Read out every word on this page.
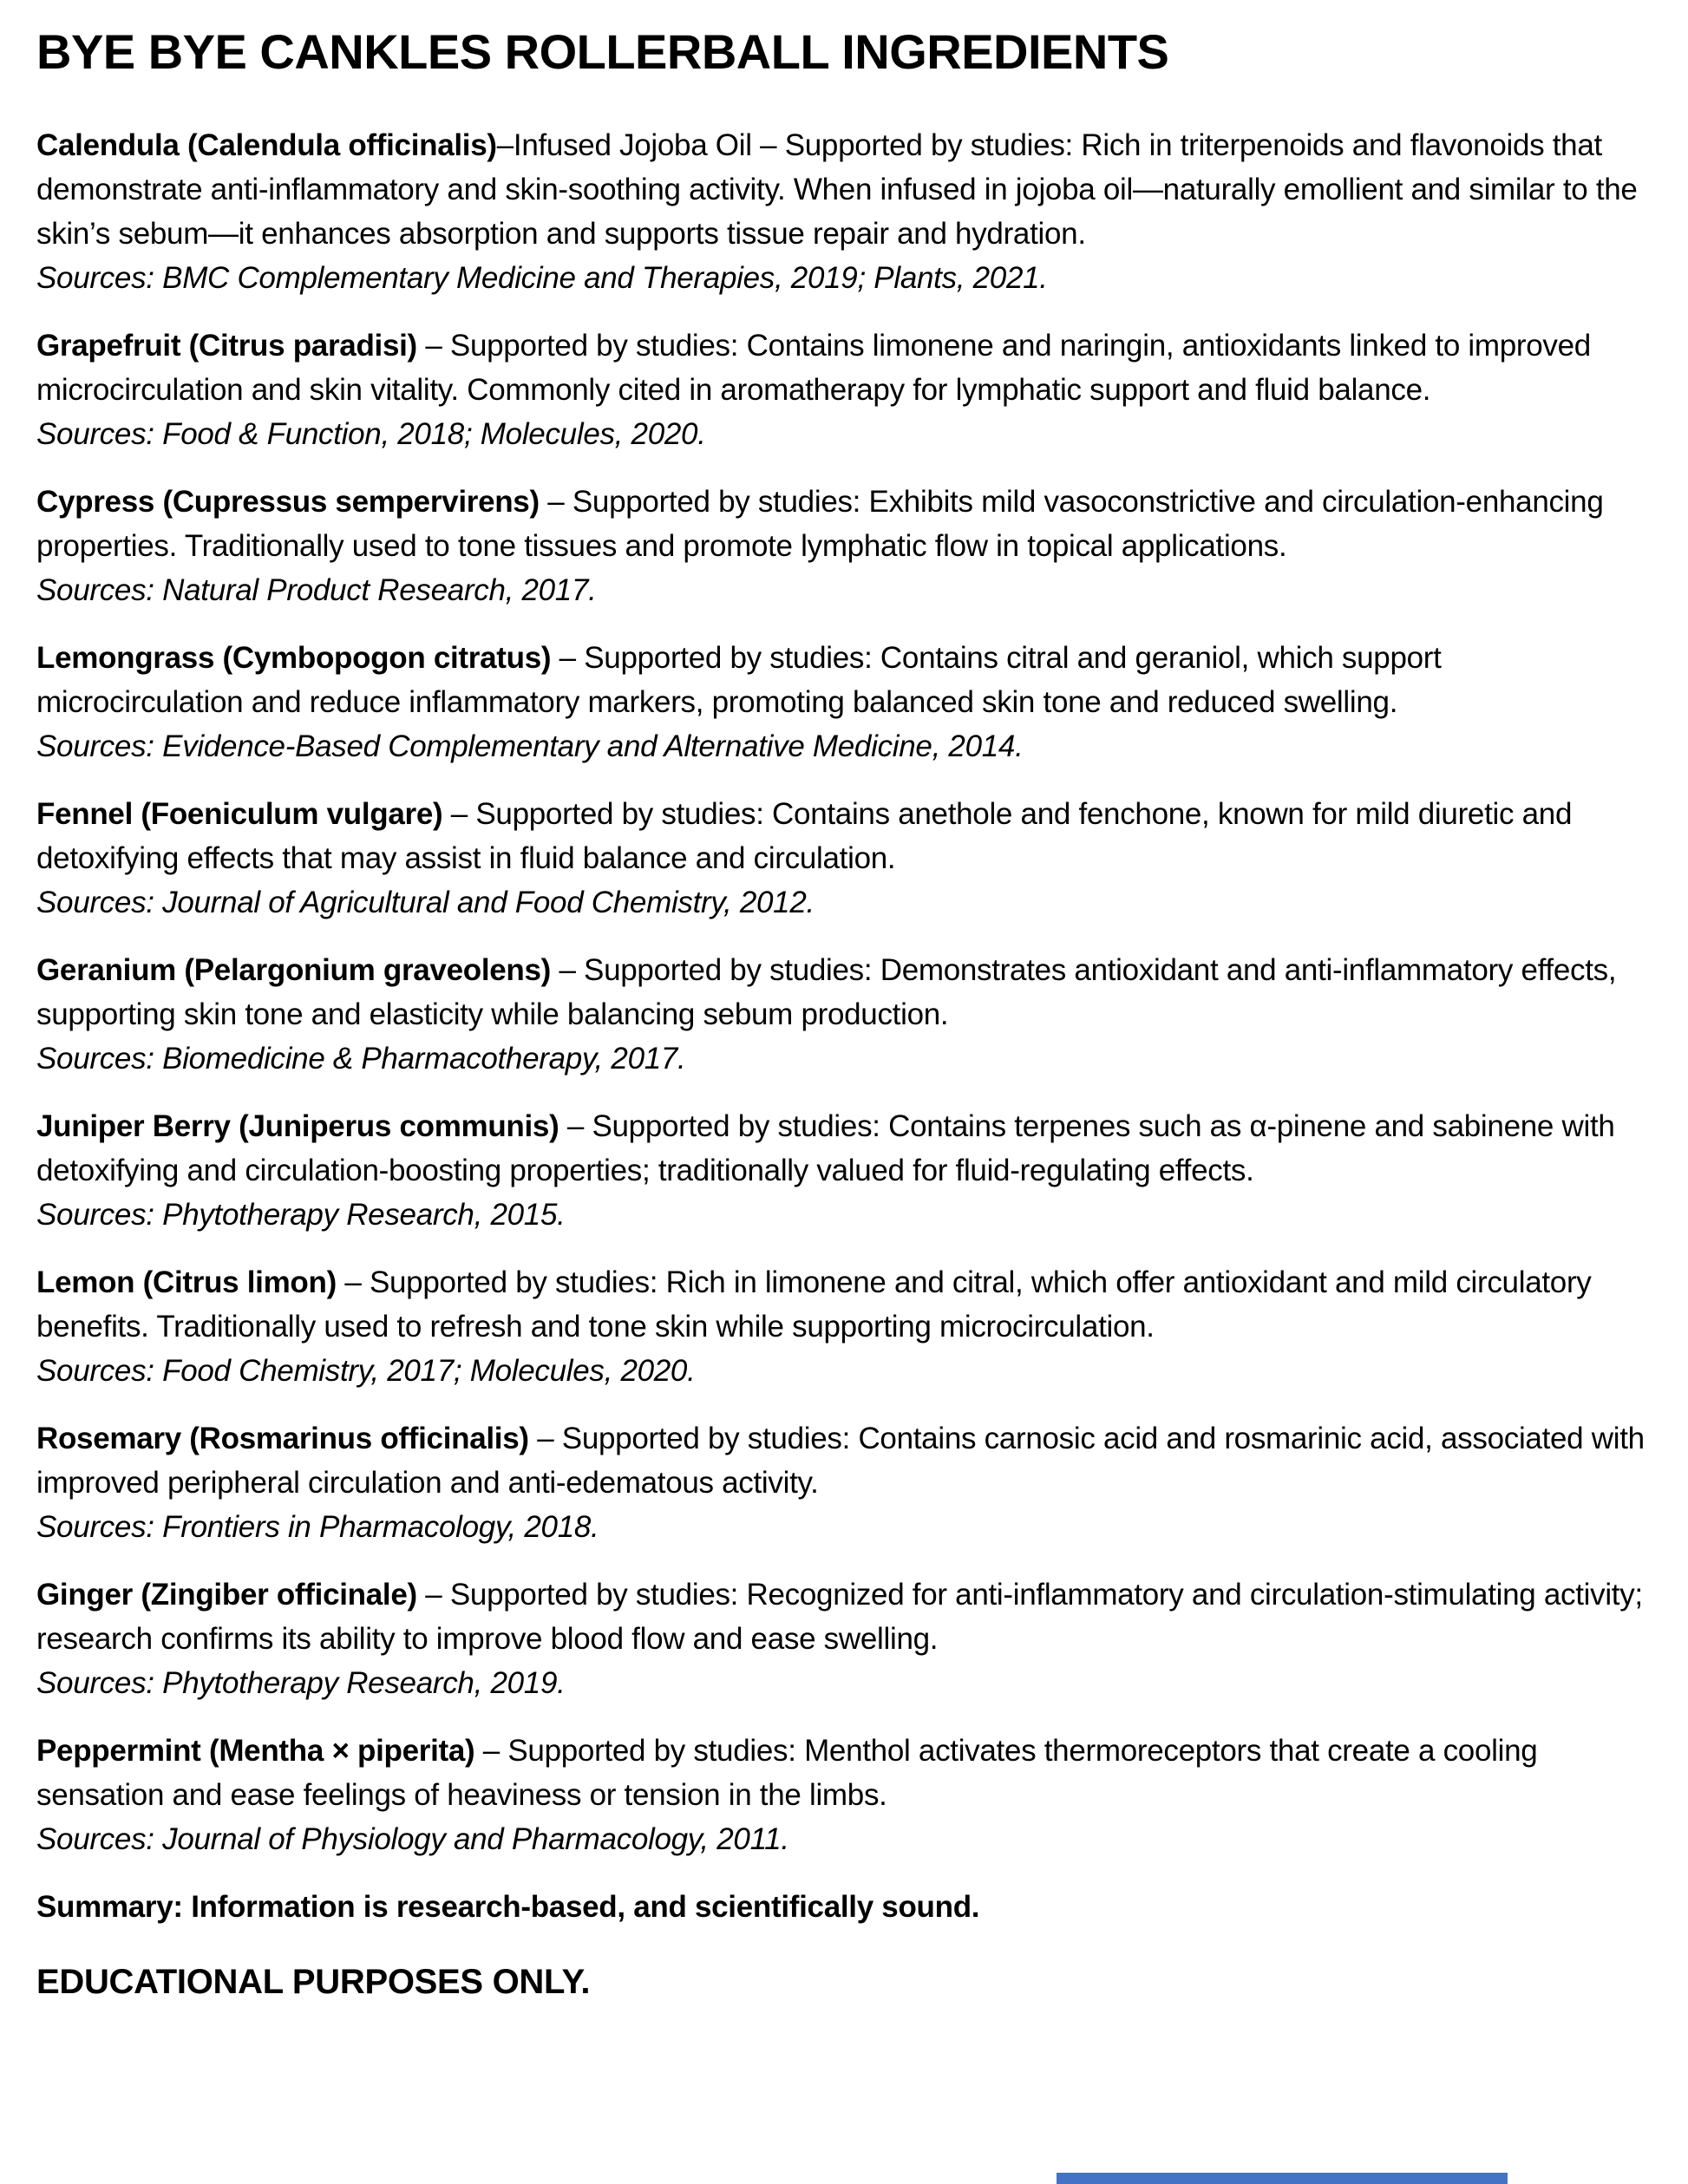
BYE BYE CANKLES ROLLERBALL INGREDIENTS

Calendula (Calendula officinalis)–Infused Jojoba Oil – Supported by studies: Rich in triterpenoids and flavonoids that demonstrate anti-inflammatory and skin-soothing activity. When infused in jojoba oil—naturally emollient and similar to the skin’s sebum—it enhances absorption and supports tissue repair and hydration.

Sources: BMC Complementary Medicine and Therapies, 2019; Plants, 2021.

Grapefruit (Citrus paradisi) – Supported by studies: Contains limonene and naringin, antioxidants linked to improved microcirculation and skin vitality. Commonly cited in aromatherapy for lymphatic support and fluid balance.

Sources: Food & Function, 2018; Molecules, 2020.

Cypress (Cupressus sempervirens) – Supported by studies: Exhibits mild vasoconstrictive and circulation-enhancing properties. Traditionally used to tone tissues and promote lymphatic flow in topical applications.

Sources: Natural Product Research, 2017.

Lemongrass (Cymbopogon citratus) – Supported by studies: Contains citral and geraniol, which support microcirculation and reduce inflammatory markers, promoting balanced skin tone and reduced swelling.

Sources: Evidence-Based Complementary and Alternative Medicine, 2014.

Fennel (Foeniculum vulgare) – Supported by studies: Contains anethole and fenchone, known for mild diuretic and detoxifying effects that may assist in fluid balance and circulation.

Sources: Journal of Agricultural and Food Chemistry, 2012.

Geranium (Pelargonium graveolens) – Supported by studies: Demonstrates antioxidant and anti-inflammatory effects, supporting skin tone and elasticity while balancing sebum production.

Sources: Biomedicine & Pharmacotherapy, 2017.

Juniper Berry (Juniperus communis) – Supported by studies: Contains terpenes such as α-pinene and sabinene with detoxifying and circulation-boosting properties; traditionally valued for fluid-regulating effects.

Sources: Phytotherapy Research, 2015.

Lemon (Citrus limon) – Supported by studies: Rich in limonene and citral, which offer antioxidant and mild circulatory benefits. Traditionally used to refresh and tone skin while supporting microcirculation.

Sources: Food Chemistry, 2017; Molecules, 2020.

Rosemary (Rosmarinus officinalis) – Supported by studies: Contains carnosic acid and rosmarinic acid, associated with improved peripheral circulation and anti-edematous activity.

Sources: Frontiers in Pharmacology, 2018.

Ginger (Zingiber officinale) – Supported by studies: Recognized for anti-inflammatory and circulation-stimulating activity; research confirms its ability to improve blood flow and ease swelling.

Sources: Phytotherapy Research, 2019.

Peppermint (Mentha × piperita) – Supported by studies: Menthol activates thermoreceptors that create a cooling sensation and ease feelings of heaviness or tension in the limbs.

Sources: Journal of Physiology and Pharmacology, 2011.

Summary: Information is research-based, and scientifically sound.

EDUCATIONAL PURPOSES ONLY.
